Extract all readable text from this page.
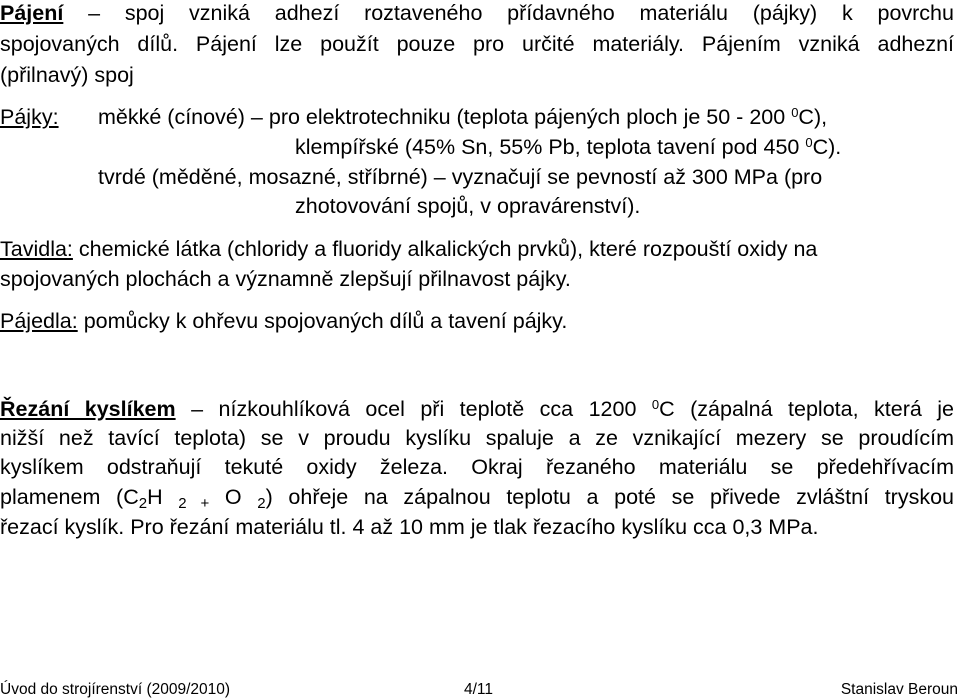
Pájení – spoj vzniká adhezí roztaveného přídavného materiálu (pájky) k povrchu
spojovaných dílů. Pájení lze použít pouze pro určité materiály. Pájením vzniká adhezní
(přilnavý) spoj
Pájky: měkké (cínové) – pro elektrotechniku (teplota pájených ploch je 50 - 200 $^0$C),
klempířské (45% Sn, 55% Pb, teplota tavení pod 450 $^0$C).
tvrdé (měděné, mosazné, stříbrné) – vyznačují se pevností až 300 MPa (pro
zhotovování spojů, v opravárenství).
Tavidla: chemické látka (chloridy a fluoridy alkalických prvků), které rozpouští oxidy na
spojovaných plochách a významně zlepšují přilnavost pájky.
Pájedla: pomůcky k ohřevu spojovaných dílů a tavení pájky.
Řezání kyslíkem – nízkouhlíková ocel při teplotě cca 1200 $^0$C (zápalná teplota, která je
nižší než tavící teplota) se v proudu kyslíku spaluje a ze vznikající mezery se proudícím
kyslíkem odstraňují tekuté oxidy železa. Okraj řezaného materiálu se předehřívacím
plamenem (C2H 2 + O 2) ohřeje na zápalnou teplotu a poté se přivede zvláštní tryskou
řezací kyslík. Pro řezání materiálu tl. 4 až 10 mm je tlak řezacího kyslíku cca 0,3 MPa.
Úvod do strojírenství (2009/2010)	4/11	Stanislav Beroun
